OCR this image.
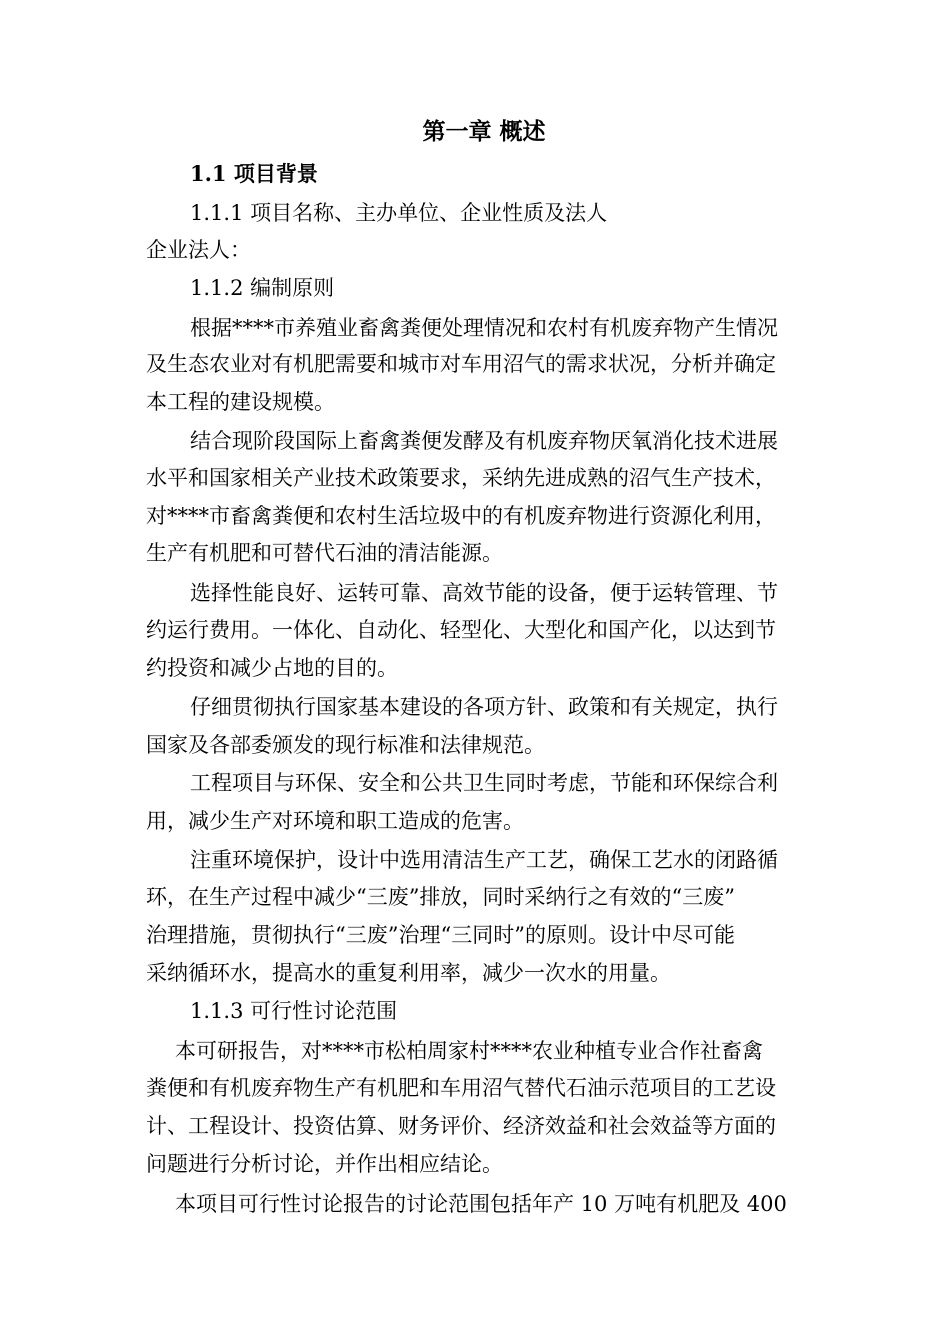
第一章 概述
1.1 项目背景
1.1.1 项目名称、主办单位、企业性质及法人
企业法人：
1.1.2 编制原则
根据****市养殖业畜禽粪便处理情况和农村有机废弃物产生情况
及生态农业对有机肥需要和城市对车用沼气的需求状况，分析并确定
本工程的建设规模。
结合现阶段国际上畜禽粪便发酵及有机废弃物厌氧消化技术进展
水平和国家相关产业技术政策要求，采纳先进成熟的沼气生产技术，
对****市畜禽粪便和农村生活垃圾中的有机废弃物进行资源化利用，
生产有机肥和可替代石油的清洁能源。
选择性能良好、运转可靠、高效节能的设备，便于运转管理、节
约运行费用。一体化、自动化、轻型化、大型化和国产化，以达到节
约投资和减少占地的目的。
仔细贯彻执行国家基本建设的各项方针、政策和有关规定，执行
国家及各部委颁发的现行标准和法律规范。
工程项目与环保、安全和公共卫生同时考虑，节能和环保综合利
用，减少生产对环境和职工造成的危害。
注重环境保护，设计中选用清洁生产工艺，确保工艺水的闭路循
环，在生产过程中减少“三废”排放，同时采纳行之有效的“三废”
治理措施，贯彻执行“三废”治理“三同时”的原则。设计中尽可能
采纳循环水，提高水的重复利用率，减少一次水的用量。
1.1.3 可行性讨论范围
本可研报告，对****市松柏周家村****农业种植专业合作社畜禽
粪便和有机废弃物生产有机肥和车用沼气替代石油示范项目的工艺设
计、工程设计、投资估算、财务评价、经济效益和社会效益等方面的
问题进行分析讨论，并作出相应结论。
本项目可行性讨论报告的讨论范围包括年产 10 万吨有机肥及 400
